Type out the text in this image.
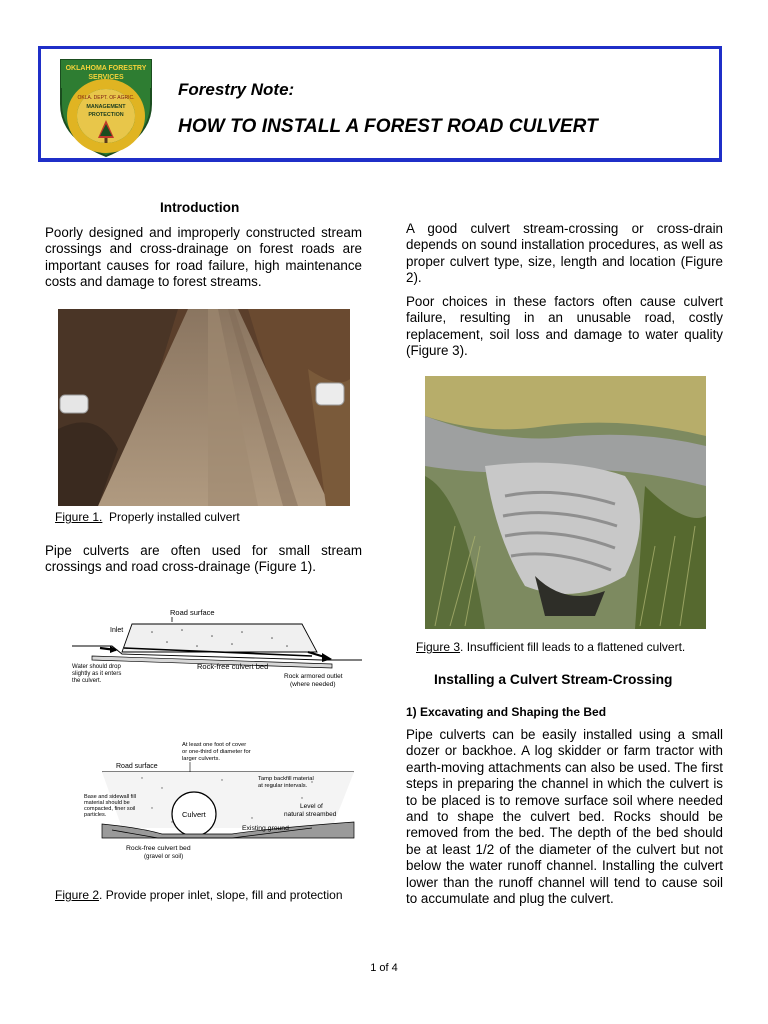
OKLAHOMA FORESTRY
SERVICES
OKLA. DEPT. OF AGRIC.
MANAGEMENT
PROTECTION
Forestry Note:
HOW TO INSTALL A FOREST ROAD CULVERT
Introduction
Poorly designed and improperly constructed stream crossings and cross-drainage on forest roads are important causes for road failure, high maintenance costs and damage to forest streams.
Figure 1. Properly installed culvert
Pipe culverts are often used for small stream crossings and road cross-drainage (Figure 1).
Road surface
Inlet
Water should drop
slightly as it enters
the culvert.
Rock-free culvert bed
Rock armored outlet
(where needed)
At least one foot of cover
or one-third of diameter for
larger culverts.
Road surface
Tamp backfill material
at regular intervals.
Base and sidewall fill
material should be
compacted, finer soil
particles.	Culvert
Level of
natural streambed
Existing ground
Rock-free culvert bed
(gravel or soil)
Figure 2. Provide proper inlet, slope, fill and protection
A good culvert stream-crossing or cross-drain depends on sound installation procedures, as well as proper culvert type, size, length and location (Figure 2).
Poor choices in these factors often cause culvert failure, resulting in an unusable road, costly replacement, soil loss and damage to water quality (Figure 3).
Figure 3. Insufficient fill leads to a flattened culvert.
Installing a Culvert Stream-Crossing
1) Excavating and Shaping the Bed
Pipe culverts can be easily installed using a small dozer or backhoe. A log skidder or farm tractor with earth-moving attachments can also be used. The first steps in preparing the channel in which the culvert is to be placed is to remove surface soil where needed and to shape the culvert bed. Rocks should be removed from the bed. The depth of the bed should be at least 1/2 of the diameter of the culvert but not below the water runoff channel. Installing the culvert lower than the runoff channel will tend to cause soil to accumulate and plug the culvert.
1 of 4
